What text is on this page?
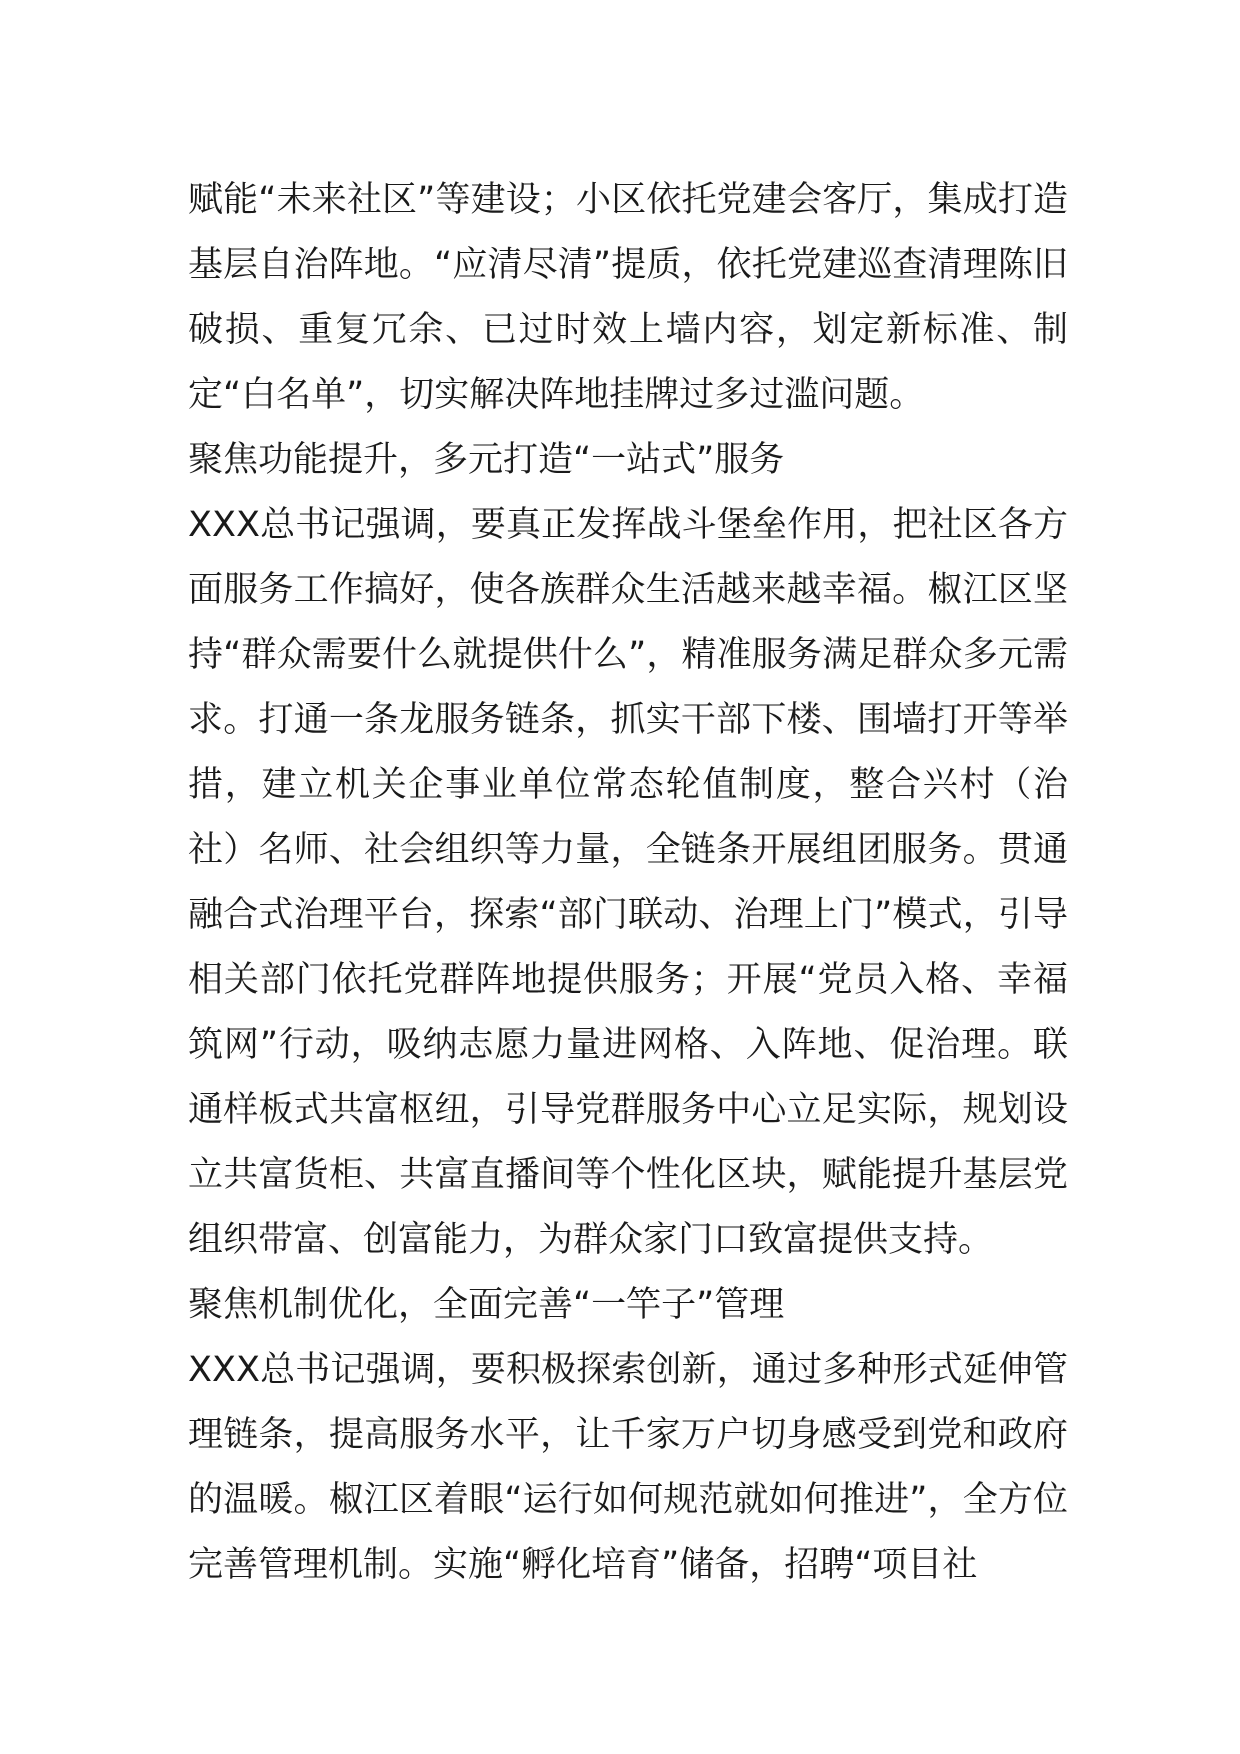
赋能“未来社区”等建设；小区依托党建会客厅，集成打造基层自治阵地。“应清尽清”提质，依托党建巡查清理陈旧破损、重复冗余、已过时效上墙内容，划定新标准、制定“白名单”，切实解决阵地挂牌过多过滥问题。

聚焦功能提升，多元打造“一站式”服务

XXX总书记强调，要真正发挥战斗堡垒作用，把社区各方面服务工作搞好，使各族群众生活越来越幸福。椒江区坚持“群众需要什么就提供什么”，精准服务满足群众多元需求。打通一条龙服务链条，抓实干部下楼、围墙打开等举措，建立机关企事业单位常态轮值制度，整合兴村（治社）名师、社会组织等力量，全链条开展组团服务。贯通融合式治理平台，探索“部门联动、治理上门”模式，引导相关部门依托党群阵地提供服务；开展“党员入格、幸福筑网”行动，吸纳志愿力量进网格、入阵地、促治理。联通样板式共富枢纽，引导党群服务中心立足实际，规划设立共富货柜、共富直播间等个性化区块，赋能提升基层党组织带富、创富能力，为群众家门口致富提供支持。

聚焦机制优化，全面完善“一竿子”管理

XXX总书记强调，要积极探索创新，通过多种形式延伸管理链条，提高服务水平，让千家万户切身感受到党和政府的温暖。椒江区着眼“运行如何规范就如何推进”，全方位完善管理机制。实施“孵化培育”储备，招聘“项目社
